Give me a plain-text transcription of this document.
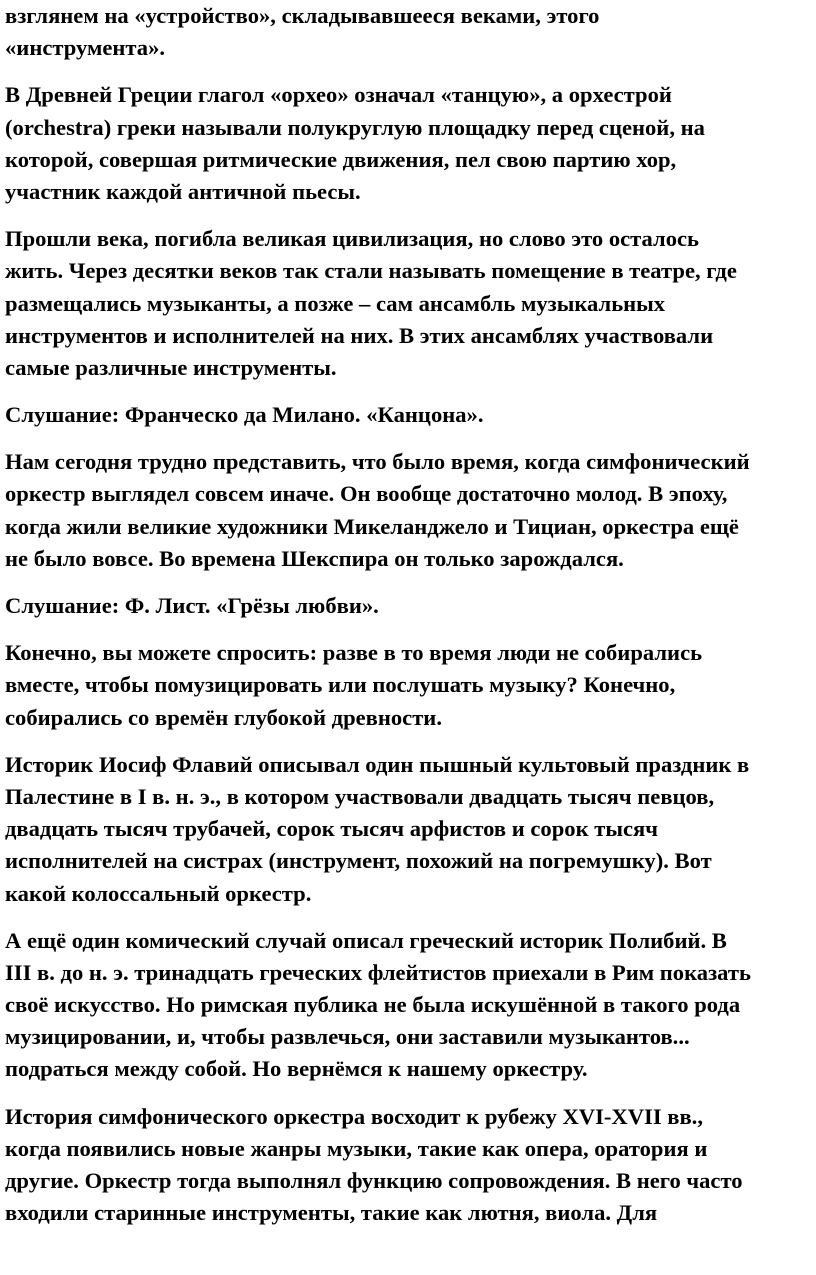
взглянем на «устройство», складывавшееся веками, этого
«инструмента».

В Древней Греции глагол «орхео» означал «танцую», а орхестрой
(orchestra) греки называли полукруглую площадку перед сценой, на
которой, совершая ритмические движения, пел свою партию хор,
участник каждой античной пьесы.

Прошли века, погибла великая цивилизация, но слово это осталось
жить. Через десятки веков так стали называть помещение в театре, где
размещались музыканты, а позже – сам ансамбль музыкальных
инструментов и исполнителей на них. В этих ансамблях участвовали
самые различные инструменты.

Слушание: Франческо да Милано. «Канцона».

Нам сегодня трудно представить, что было время, когда симфонический
оркестр выглядел совсем иначе. Он вообще достаточно молод. В эпоху,
когда жили великие художники Микеланджело и Тициан, оркестра ещё
не было вовсе. Во времена Шекспира он только зарождался.

Слушание: Ф. Лист. «Грёзы любви».

Конечно, вы можете спросить: разве в то время люди не собирались
вместе, чтобы помузицировать или послушать музыку? Конечно,
собирались со времён глубокой древности.

Историк Иосиф Флавий описывал один пышный культовый праздник в
Палестине в I в. н. э., в котором участвовали двадцать тысяч певцов,
двадцать тысяч трубачей, сорок тысяч арфистов и сорок тысяч
исполнителей на систрах (инструмент, похожий на погремушку). Вот
какой колоссальный оркестр.

А ещё один комический случай описал греческий историк Полибий. В
III в. до н. э. тринадцать греческих флейтистов приехали в Рим показать
своё искусство. Но римская публика не была искушённой в такого рода
музицировании, и, чтобы развлечься, они заставили музыкантов...
подраться между собой. Но вернёмся к нашему оркестру.

История симфонического оркестра восходит к рубежу XVI-XVII вв.,
когда появились новые жанры музыки, такие как опера, оратория и
другие. Оркестр тогда выполнял функцию сопровождения. В него часто
входили старинные инструменты, такие как лютня, виола. Для
